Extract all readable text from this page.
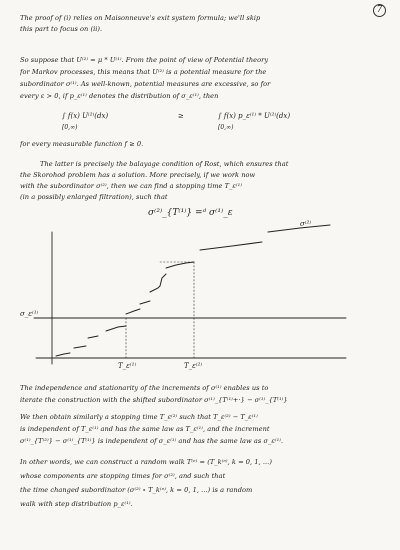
7
The proof of (i) relies on Maisonneuve's exit system formula; we'll skip
this part to focus on (ii).
So suppose that U⁽²⁾ = μ * U⁽¹⁾. From the point of view of Potential theory
for Markov processes, this means that U⁽²⁾ is a potential measure for the
subordinator σ⁽¹⁾. As well-known, potential measures are excessive, so for
every ε > 0, if p_ε⁽¹⁾ denotes the distribution of σ_ε⁽¹⁾, then
∫ f(x) U⁽²⁾(dx)	≥	∫ f(x) p_ε⁽¹⁾ * U⁽²⁾(dx)
[0,∞)	[0,∞)
for every measurable function f ≥ 0.
The latter is precisely the balayage condition of Rost, which ensures that
the Skorohod problem has a solution. More precisely, if we work now
with the subordinator σ⁽²⁾, then we can find a stopping time T_ε⁽¹⁾
(in a possibly enlarged filtration), such that
σ⁽²⁾_{T⁽¹⁾} =ᵈ σ⁽¹⁾_ε
σ⁽²⁾
σ_ε⁽¹⁾
T_ε⁽¹⁾	T_ε⁽²⁾
The independence and stationarity of the increments of σ⁽¹⁾ enables us to
iterate the construction with the shifted subordinator σ⁽¹⁾_{T⁽¹⁾+·} − σ⁽¹⁾_{T⁽¹⁾}
We then obtain similarly a stopping time T_ε⁽²⁾ such that T_ε⁽²⁾ − T_ε⁽¹⁾
is independent of T_ε⁽¹⁾ and has the same law as T_ε⁽¹⁾, and the increment
σ⁽¹⁾_{T⁽²⁾} − σ⁽¹⁾_{T⁽¹⁾} is independent of σ_ε⁽¹⁾ and has the same law as σ_ε⁽¹⁾.
In other words, we can construct a random walk T⁽ᵉ⁾ = (T_k⁽ᵉ⁾, k = 0, 1, ...)
whose components are stopping times for σ⁽²⁾, and such that
the time changed subordinator (σ⁽²⁾ ∘ T_k⁽ᵉ⁾, k = 0, 1, ...) is a random
walk with step distribution p_ε⁽¹⁾.
